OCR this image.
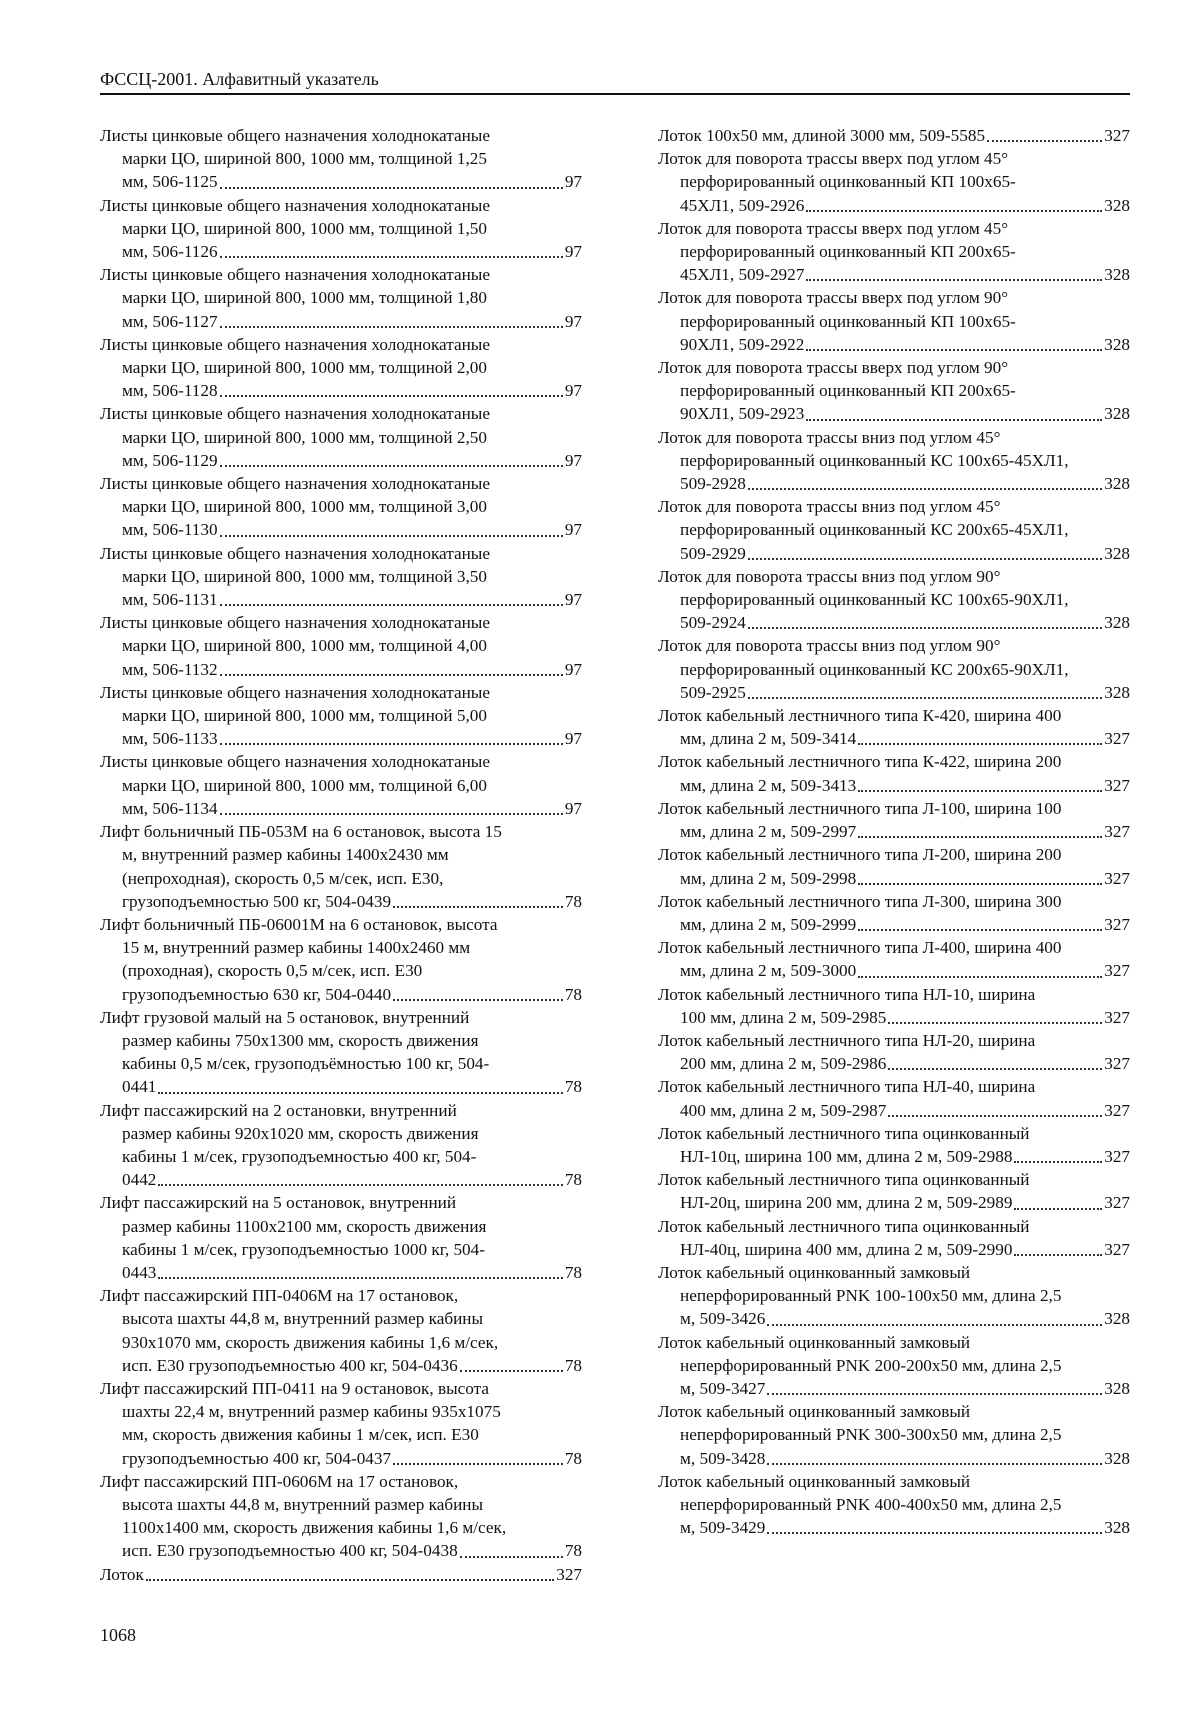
ФССЦ-2001. Алфавитный указатель
Листы цинковые общего назначения холоднокатаные
марки ЦО, шириной 800, 1000 мм, толщиной 1,25
мм, 506-1125	97
Листы цинковые общего назначения холоднокатаные
марки ЦО, шириной 800, 1000 мм, толщиной 1,50
мм, 506-1126	97
Листы цинковые общего назначения холоднокатаные
марки ЦО, шириной 800, 1000 мм, толщиной 1,80
мм, 506-1127	97
Листы цинковые общего назначения холоднокатаные
марки ЦО, шириной 800, 1000 мм, толщиной 2,00
мм, 506-1128	97
Листы цинковые общего назначения холоднокатаные
марки ЦО, шириной 800, 1000 мм, толщиной 2,50
мм, 506-1129	97
Листы цинковые общего назначения холоднокатаные
марки ЦО, шириной 800, 1000 мм, толщиной 3,00
мм, 506-1130	97
Листы цинковые общего назначения холоднокатаные
марки ЦО, шириной 800, 1000 мм, толщиной 3,50
мм, 506-1131	97
Листы цинковые общего назначения холоднокатаные
марки ЦО, шириной 800, 1000 мм, толщиной 4,00
мм, 506-1132	97
Листы цинковые общего назначения холоднокатаные
марки ЦО, шириной 800, 1000 мм, толщиной 5,00
мм, 506-1133	97
Листы цинковые общего назначения холоднокатаные
марки ЦО, шириной 800, 1000 мм, толщиной 6,00
мм, 506-1134	97
Лифт больничный ПБ-053М на 6 остановок, высота 15
м, внутренний размер кабины 1400х2430 мм
(непроходная), скорость 0,5 м/сек, исп. Е30,
грузоподъемностью 500 кг, 504-0439	78
Лифт больничный ПБ-06001М на 6 остановок, высота
15 м, внутренний размер кабины 1400х2460 мм
(проходная), скорость 0,5 м/сек, исп. Е30
грузоподъемностью 630 кг, 504-0440	78
Лифт грузовой малый на 5 остановок, внутренний
размер кабины 750х1300 мм, скорость движения
кабины 0,5 м/сек, грузоподъёмностью 100 кг, 504-
0441	78
Лифт пассажирский на 2 остановки, внутренний
размер кабины 920х1020 мм, скорость движения
кабины 1 м/сек, грузоподъемностью 400 кг, 504-
0442	78
Лифт пассажирский на 5 остановок, внутренний
размер кабины 1100х2100 мм, скорость движения
кабины 1 м/сек, грузоподъемностью 1000 кг, 504-
0443	78
Лифт пассажирский ПП-0406М на 17 остановок,
высота шахты 44,8 м, внутренний размер кабины
930х1070 мм, скорость движения кабины 1,6 м/сек,
исп. Е30 грузоподъемностью 400 кг, 504-0436	78
Лифт пассажирский ПП-0411 на 9 остановок, высота
шахты 22,4 м, внутренний размер кабины 935х1075
мм, скорость движения кабины 1 м/сек, исп. Е30
грузоподъемностью 400 кг, 504-0437	78
Лифт пассажирский ПП-0606М на 17 остановок,
высота шахты 44,8 м, внутренний размер кабины
1100х1400 мм, скорость движения кабины 1,6 м/сек,
исп. Е30 грузоподъемностью 400 кг, 504-0438	78
Лоток	327
Лоток 100х50 мм, длиной 3000 мм, 509-5585	327
Лоток для поворота трассы вверх под углом 45°
перфорированный оцинкованный КП 100х65-
45ХЛ1, 509-2926	328
Лоток для поворота трассы вверх под углом 45°
перфорированный оцинкованный КП 200х65-
45ХЛ1, 509-2927	328
Лоток для поворота трассы вверх под углом 90°
перфорированный оцинкованный КП 100х65-
90ХЛ1, 509-2922	328
Лоток для поворота трассы вверх под углом 90°
перфорированный оцинкованный КП 200х65-
90ХЛ1, 509-2923	328
Лоток для поворота трассы вниз под углом 45°
перфорированный оцинкованный КС 100х65-45ХЛ1,
509-2928	328
Лоток для поворота трассы вниз под углом 45°
перфорированный оцинкованный КС 200х65-45ХЛ1,
509-2929	328
Лоток для поворота трассы вниз под углом 90°
перфорированный оцинкованный КС 100х65-90ХЛ1,
509-2924	328
Лоток для поворота трассы вниз под углом 90°
перфорированный оцинкованный КС 200х65-90ХЛ1,
509-2925	328
Лоток кабельный лестничного типа К-420, ширина 400
мм, длина 2 м, 509-3414	327
Лоток кабельный лестничного типа К-422, ширина 200
мм, длина 2 м, 509-3413	327
Лоток кабельный лестничного типа Л-100, ширина 100
мм, длина 2 м, 509-2997	327
Лоток кабельный лестничного типа Л-200, ширина 200
мм, длина 2 м, 509-2998	327
Лоток кабельный лестничного типа Л-300, ширина 300
мм, длина 2 м, 509-2999	327
Лоток кабельный лестничного типа Л-400, ширина 400
мм, длина 2 м, 509-3000	327
Лоток кабельный лестничного типа НЛ-10, ширина
100 мм, длина 2 м, 509-2985	327
Лоток кабельный лестничного типа НЛ-20, ширина
200 мм, длина 2 м, 509-2986	327
Лоток кабельный лестничного типа НЛ-40, ширина
400 мм, длина 2 м, 509-2987	327
Лоток кабельный лестничного типа оцинкованный
НЛ-10ц, ширина 100 мм, длина 2 м, 509-2988	327
Лоток кабельный лестничного типа оцинкованный
НЛ-20ц, ширина 200 мм, длина 2 м, 509-2989	327
Лоток кабельный лестничного типа оцинкованный
НЛ-40ц, ширина 400 мм, длина 2 м, 509-2990	327
Лоток кабельный оцинкованный замковый
неперфорированный PNK 100-100х50 мм, длина 2,5
м, 509-3426	328
Лоток кабельный оцинкованный замковый
неперфорированный PNK 200-200х50 мм, длина 2,5
м, 509-3427	328
Лоток кабельный оцинкованный замковый
неперфорированный PNK 300-300х50 мм, длина 2,5
м, 509-3428	328
Лоток кабельный оцинкованный замковый
неперфорированный PNK 400-400х50 мм, длина 2,5
м, 509-3429	328
1068
